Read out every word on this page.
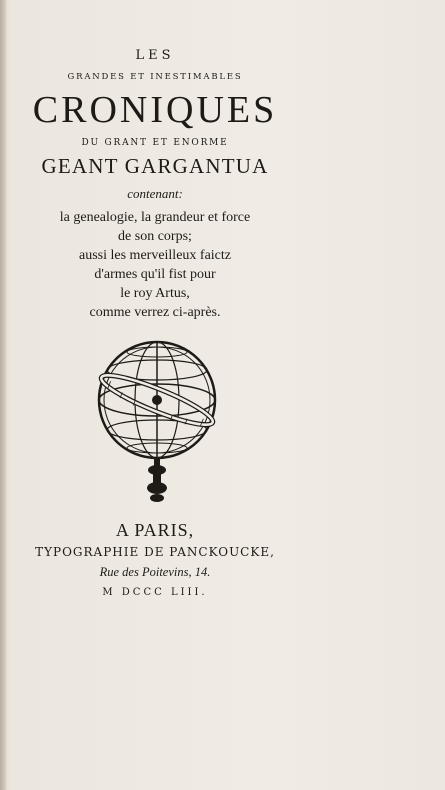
LES
GRANDES ET INESTIMABLES
CRONIQUES
DU GRANT ET ENORME
GEANT GARGANTUA
contenant:
la genealogie, la grandeur et force
de son corps;
aussi les merveilleux faictz
d'armes qu'il fist pour
le roy Artus,
comme verrez ci-après.
A PARIS,
TYPOGRAPHIE DE PANCKOUCKE,
Rue des Poitevins, 14.
M DCCC LIII.
